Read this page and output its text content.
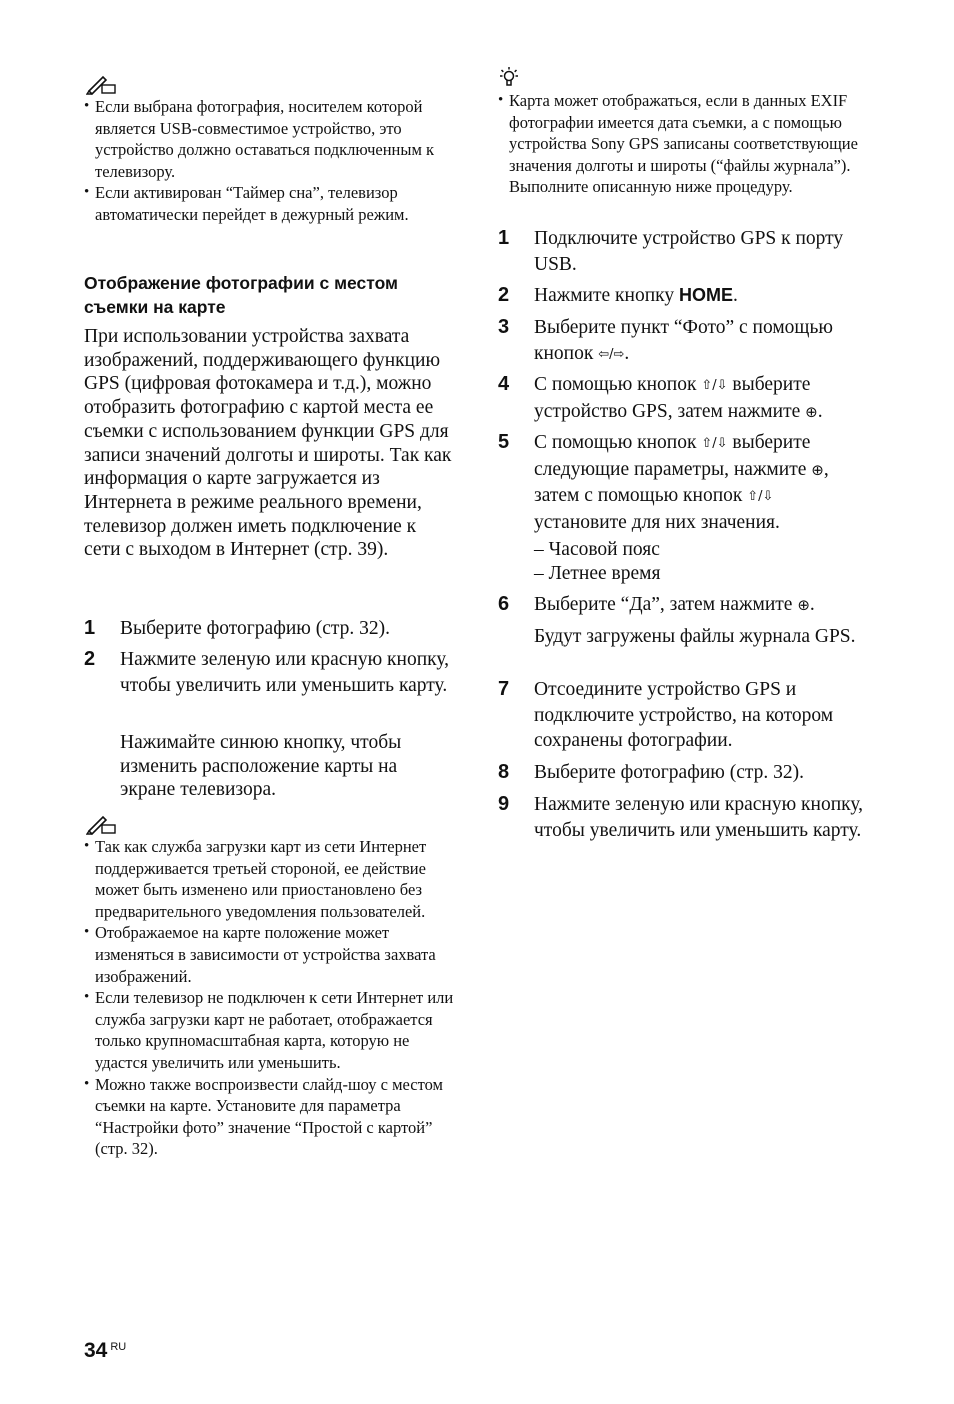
• Если выбрана фотография, носителем которой является USB-совместимое устройство, это устройство должно оставаться подключенным к телевизору.
• Если активирован “Таймер сна”, телевизор автоматически перейдет в дежурный режим.
Отображение фотографии с местом съемки на карте

При использовании устройства захвата изображений, поддерживающего функцию GPS (цифровая фотокамера и т.д.), можно отобразить фотографию с картой места ее съемки с использованием функции GPS для записи значений долготы и широты. Так как информация о карте загружается из Интернета в режиме реального времени, телевизор должен иметь подключение к сети с выходом в Интернет (стр. 39).

1 Выберите фотографию (стр. 32).
2 Нажмите зеленую или красную кнопку, чтобы увеличить или уменьшить карту.
Нажимайте синюю кнопку, чтобы изменить расположение карты на экране телевизора.
• Так как служба загрузки карт из сети Интернет поддерживается третьей стороной, ее действие может быть изменено или приостановлено без предварительного уведомления пользователей.
• Отображаемое на карте положение может изменяться в зависимости от устройства захвата изображений.
• Если телевизор не подключен к сети Интернет или служба загрузки карт не работает, отображается только крупномасштабная карта, которую не удастся увеличить или уменьшить.
• Можно также воспроизвести слайд-шоу с местом съемки на карте. Установите для параметра “Настройки фото” значение “Простой с картой” (стр. 32).
• Карта может отображаться, если в данных EXIF фотографии имеется дата съемки, а с помощью устройства Sony GPS записаны соответствующие значения долготы и широты (“файлы журнала”). Выполните описанную ниже процедуру.
1 Подключите устройство GPS к порту USB.
2 Нажмите кнопку HOME.
3 Выберите пункт “Фото” с помощью кнопок ⇦/⇨.
4 С помощью кнопок ⇧/⇩ выберите устройство GPS, затем нажмите ⊕.
5 С помощью кнопок ⇧/⇩ выберите следующие параметры, нажмите ⊕, затем с помощью кнопок ⇧/⇩ установите для них значения.
– Часовой пояс
– Летнее время
6 Выберите “Да”, затем нажмите ⊕.
Будут загружены файлы журнала GPS.
7 Отсоедините устройство GPS и подключите устройство, на котором сохранены фотографии.
8 Выберите фотографию (стр. 32).
9 Нажмите зеленую или красную кнопку, чтобы увеличить или уменьшить карту.
34 $^{RU}$
